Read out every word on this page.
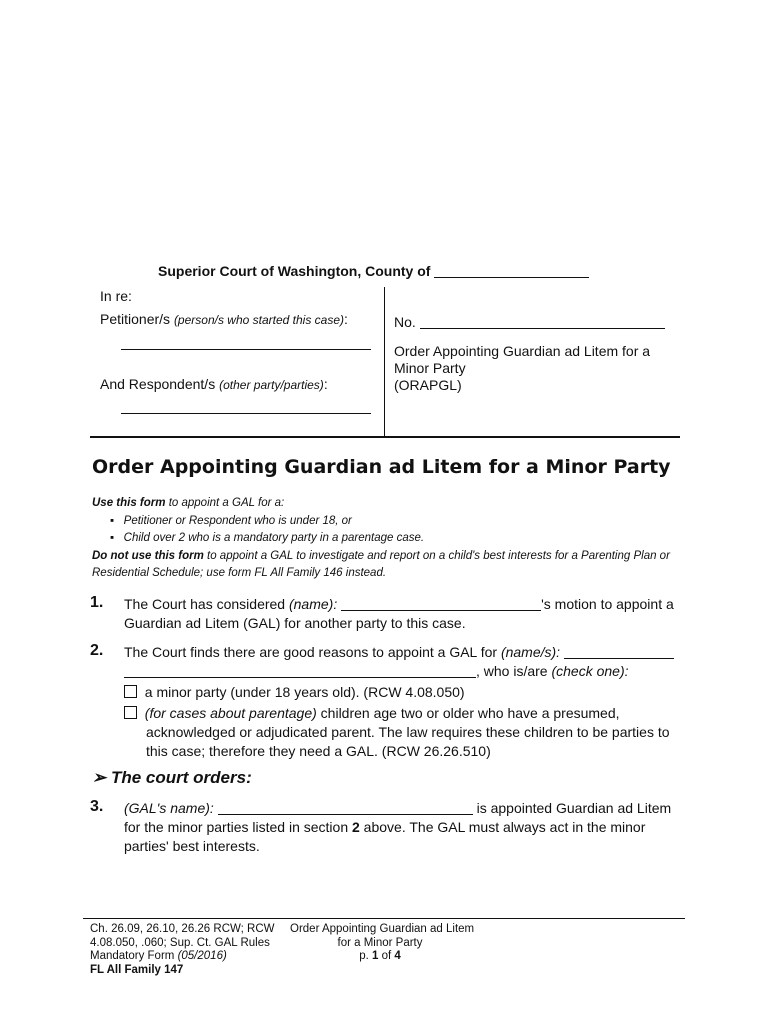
Superior Court of Washington, County of
In re:
Petitioner/s (person/s who started this case):
And Respondent/s (other party/parties):
No.
Order Appointing Guardian ad Litem for a
Minor Party
(ORAPGL)
Order Appointing Guardian ad Litem for a Minor Party
Use this form to appoint a GAL for a:
▪   Petitioner or Respondent who is under 18, or
▪   Child over 2 who is a mandatory party in a parentage case.
Do not use this form to appoint a GAL to investigate and report on a child's best interests for a Parenting Plan or
Residential Schedule; use form FL All Family 146 instead.
1. The Court has considered (name):	's motion to appoint a
Guardian ad Litem (GAL) for another party to this case.
2. The Court finds there are good reasons to appoint a GAL for (name/s):
, who is/are (check one):
a minor party (under 18 years old). (RCW 4.08.050)
(for cases about parentage) children age two or older who have a presumed,
acknowledged or adjudicated parent. The law requires these children to be parties to
this case; therefore they need a GAL. (RCW 26.26.510)
➢ The court orders:
3. (GAL's name):	is appointed Guardian ad Litem
for the minor parties listed in section 2 above. The GAL must always act in the minor
parties' best interests.
Ch. 26.09, 26.10, 26.26 RCW; RCW
4.08.050, .060; Sup. Ct. GAL Rules
Mandatory Form (05/2016)
FL All Family 147
Order Appointing Guardian ad Litem
for a Minor Party
p. 1 of 4
